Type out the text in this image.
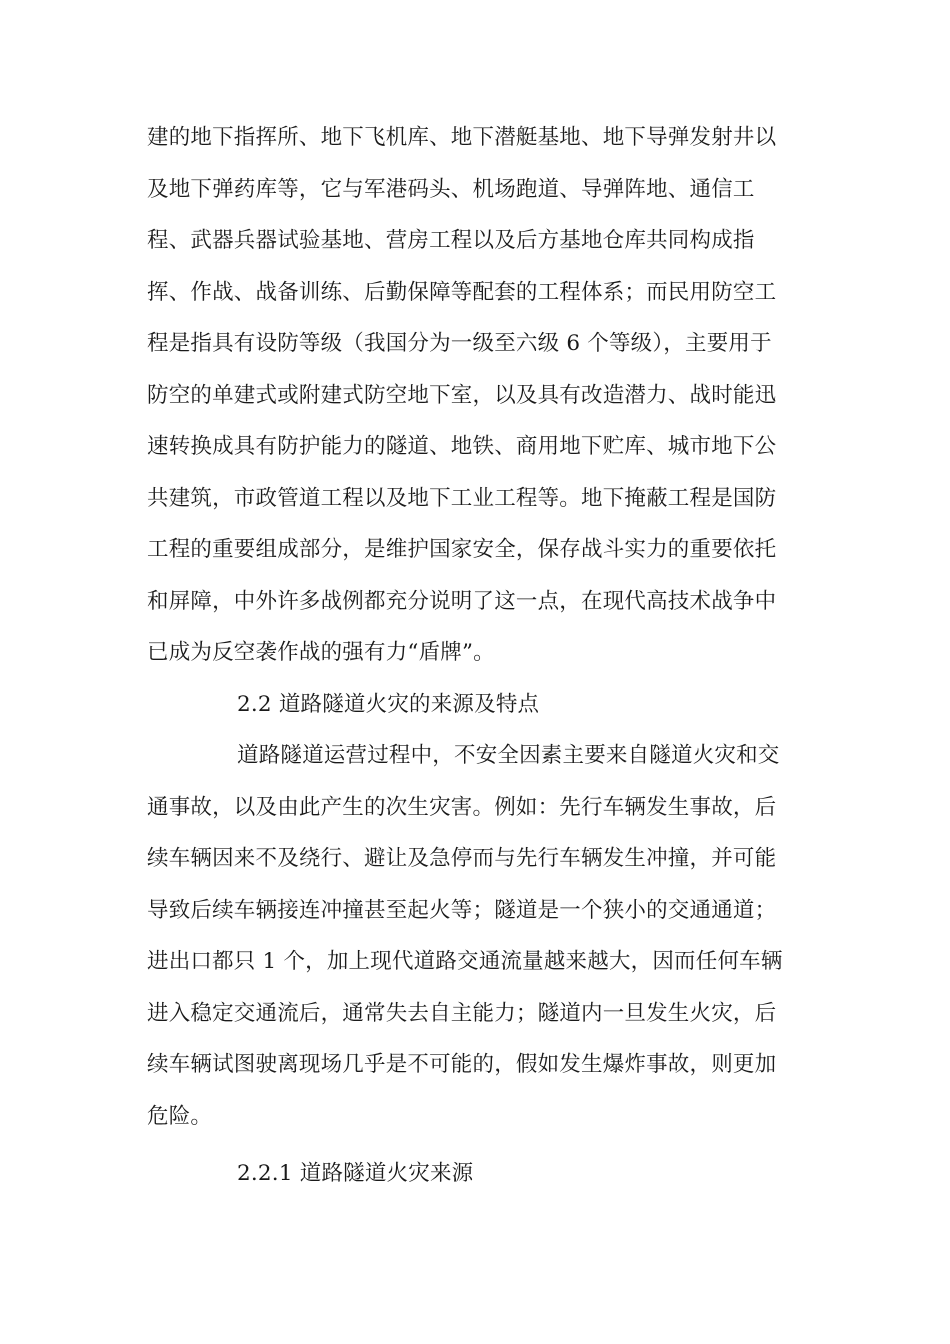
建的地下指挥所、地下飞机库、地下潜艇基地、地下导弹发射井以
及地下弹药库等，它与军港码头、机场跑道、导弹阵地、通信工
程、武器兵器试验基地、营房工程以及后方基地仓库共同构成指
挥、作战、战备训练、后勤保障等配套的工程体系；而民用防空工
程是指具有设防等级（我国分为一级至六级 6 个等级），主要用于
防空的单建式或附建式防空地下室，以及具有改造潜力、战时能迅
速转换成具有防护能力的隧道、地铁、商用地下贮库、城市地下公
共建筑，市政管道工程以及地下工业工程等。地下掩蔽工程是国防
工程的重要组成部分，是维护国家安全，保存战斗实力的重要依托
和屏障，中外许多战例都充分说明了这一点，在现代高技术战争中
已成为反空袭作战的强有力“盾牌”。
2.2 道路隧道火灾的来源及特点
道路隧道运营过程中，不安全因素主要来自隧道火灾和交
通事故，以及由此产生的次生灾害。例如：先行车辆发生事故，后
续车辆因来不及绕行、避让及急停而与先行车辆发生冲撞，并可能
导致后续车辆接连冲撞甚至起火等；隧道是一个狭小的交通通道；
进出口都只 1 个，加上现代道路交通流量越来越大，因而任何车辆
进入稳定交通流后，通常失去自主能力；隧道内一旦发生火灾，后
续车辆试图驶离现场几乎是不可能的，假如发生爆炸事故，则更加
危险。
2.2.1 道路隧道火灾来源
